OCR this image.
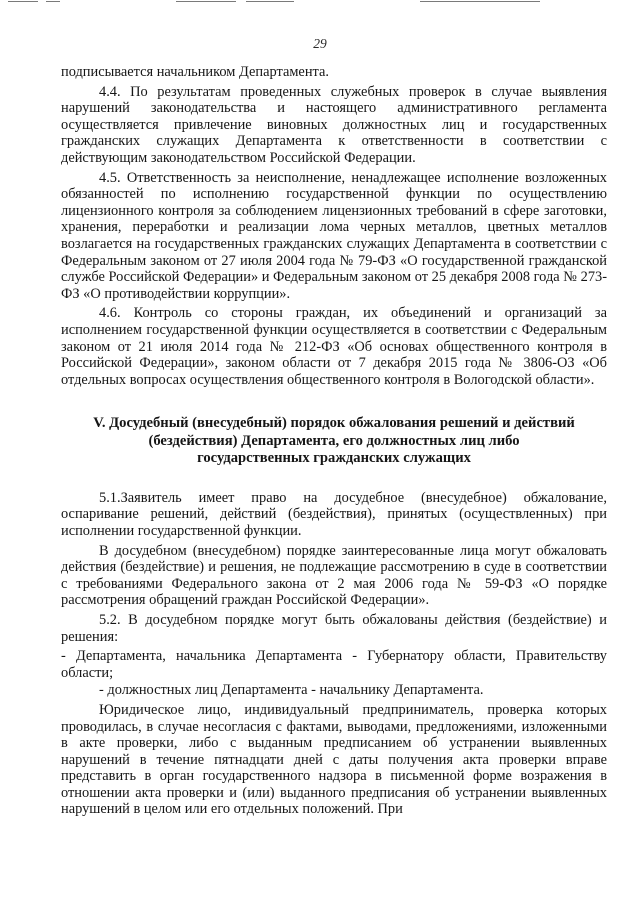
29

подписывается начальником Департамента.

4.4. По результатам проведенных служебных проверок в случае выявления нарушений законодательства и настоящего административного регламента осуществляется привлечение виновных должностных лиц и государственных гражданских служащих Департамента к ответственности в соответствии с действующим законодательством Российской Федерации.

4.5. Ответственность за неисполнение, ненадлежащее исполнение возложенных обязанностей по исполнению государственной функции по осуществлению лицензионного контроля за соблюдением лицензионных требований в сфере заготовки, хранения, переработки и реализации лома черных металлов, цветных металлов возлагается на государственных гражданских служащих Департамента в соответствии с Федеральным законом от 27 июля 2004 года № 79-ФЗ «О государственной гражданской службе Российской Федерации» и Федеральным законом от 25 декабря 2008 года № 273-ФЗ «О противодействии коррупции».

4.6. Контроль со стороны граждан, их объединений и организаций за исполнением государственной функции осуществляется в соответствии с Федеральным законом от 21 июля 2014 года № 212-ФЗ «Об основах общественного контроля в Российской Федерации», законом области от 7 декабря 2015 года № 3806-ОЗ «Об отдельных вопросах осуществления общественного контроля в Вологодской области».

V. Досудебный (внесудебный) порядок обжалования решений и действий
(бездействия) Департамента, его должностных лиц либо
государственных гражданских служащих

5.1.Заявитель имеет право на досудебное (внесудебное) обжалование, оспаривание решений, действий (бездействия), принятых (осуществленных) при исполнении государственной функции.

В досудебном (внесудебном) порядке заинтересованные лица могут обжаловать действия (бездействие) и решения, не подлежащие рассмотрению в суде в соответствии с требованиями Федерального закона от 2 мая 2006 года № 59-ФЗ «О порядке рассмотрения обращений граждан Российской Федерации».

5.2. В досудебном порядке могут быть обжалованы действия (бездействие) и решения:

- Департамента, начальника Департамента - Губернатору области, Правительству области;

- должностных лиц Департамента - начальнику Департамента.

Юридическое лицо, индивидуальный предприниматель, проверка которых проводилась, в случае несогласия с фактами, выводами, предложениями, изложенными в акте проверки, либо с выданным предписанием об устранении выявленных нарушений в течение пятнадцати дней с даты получения акта проверки вправе представить в орган государственного надзора в письменной форме возражения в отношении акта проверки и (или) выданного предписания об устранении выявленных нарушений в целом или его отдельных положений. При
